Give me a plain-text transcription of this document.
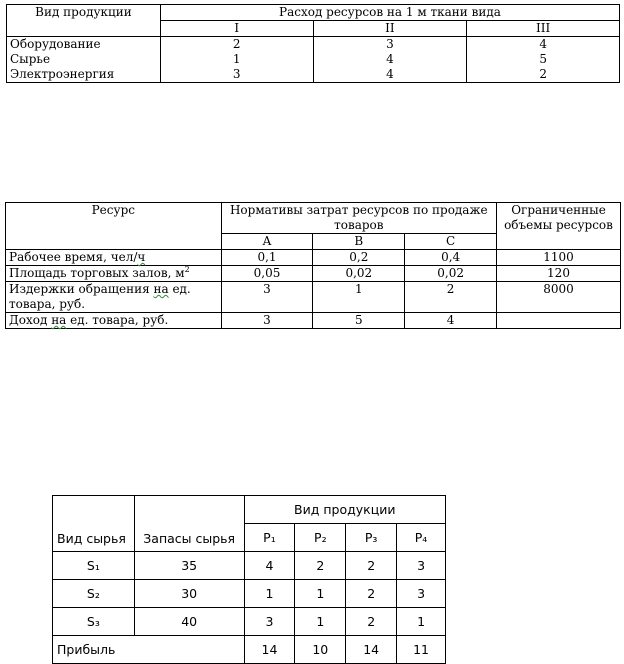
Вид продукции	Расход ресурсов на 1 м ткани вида		
	I	II	III
Оборудование	2	3	4
Сырье	1	4	5
Электроэнергия	3	4	2
Ресурс	Нормативы затрат ресурсов по продаже товаров			Ограниченные объемы ресурсов
	A	B	C	
Рабочее время, чел/ч	0,1	0,2	0,4	1100
Площадь торговых залов, $м^2$	0,05	0,02	0,02	120
Издержки обращения на ед. товара, руб.	3	1	2	8000
Доход на ед. товара, руб.	3	5	4	
Вид сырья	Запасы сырья	Вид продукции			
		P₁	P₂	P₃	P₄
S₁	35	4	2	2	3
S₂	30	1	1	2	3
S₃	40	3	1	2	1
Прибыль		14	10	14	11
